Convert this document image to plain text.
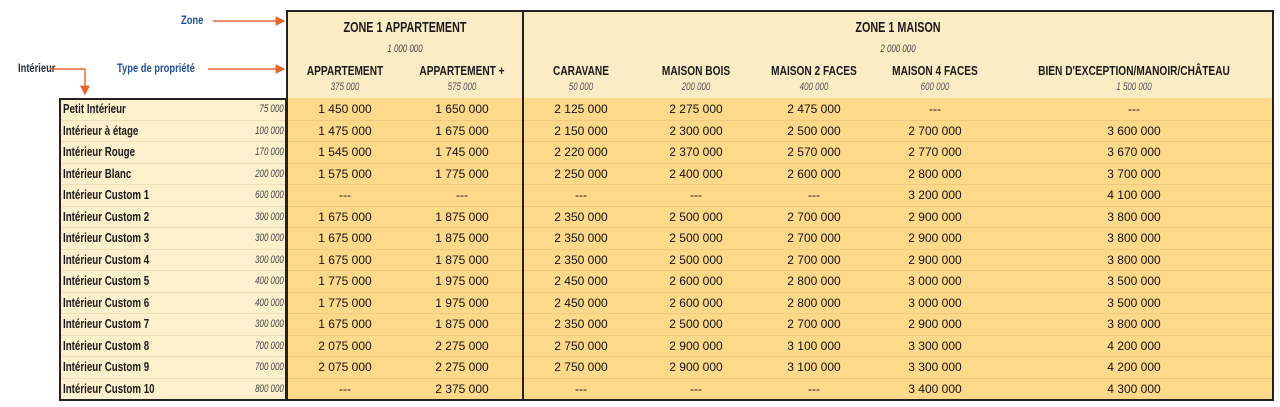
Zone
Type de propriété
Intérieur
ZONE 1 APPARTEMENT
1 000 000
ZONE 1 MAISON
2 000 000
APPARTEMENT
375 000
APPARTEMENT +
575 000
CARAVANE
50 000
MAISON BOIS
200 000
MAISON 2 FACES
400 000
MAISON 4 FACES
600 000
BIEN D'EXCEPTION/MANOIR/CHÂTEAU
1 500 000
Petit Intérieur	75 000	1 450 000	1 650 000	2 125 000	2 275 000	2 475 000	---	---
Intérieur à étage	100 000	1 475 000	1 675 000	2 150 000	2 300 000	2 500 000	2 700 000	3 600 000
Intérieur Rouge	170 000	1 545 000	1 745 000	2 220 000	2 370 000	2 570 000	2 770 000	3 670 000
Intérieur Blanc	200 000	1 575 000	1 775 000	2 250 000	2 400 000	2 600 000	2 800 000	3 700 000
Intérieur Custom 1	600 000	---	---	---	---	---	3 200 000	4 100 000
Intérieur Custom 2	300 000	1 675 000	1 875 000	2 350 000	2 500 000	2 700 000	2 900 000	3 800 000
Intérieur Custom 3	300 000	1 675 000	1 875 000	2 350 000	2 500 000	2 700 000	2 900 000	3 800 000
Intérieur Custom 4	300 000	1 675 000	1 875 000	2 350 000	2 500 000	2 700 000	2 900 000	3 800 000
Intérieur Custom 5	400 000	1 775 000	1 975 000	2 450 000	2 600 000	2 800 000	3 000 000	3 500 000
Intérieur Custom 6	400 000	1 775 000	1 975 000	2 450 000	2 600 000	2 800 000	3 000 000	3 500 000
Intérieur Custom 7	300 000	1 675 000	1 875 000	2 350 000	2 500 000	2 700 000	2 900 000	3 800 000
Intérieur Custom 8	700 000	2 075 000	2 275 000	2 750 000	2 900 000	3 100 000	3 300 000	4 200 000
Intérieur Custom 9	700 000	2 075 000	2 275 000	2 750 000	2 900 000	3 100 000	3 300 000	4 200 000
Intérieur Custom 10	800 000	---	2 375 000	---	---	---	3 400 000	4 300 000
